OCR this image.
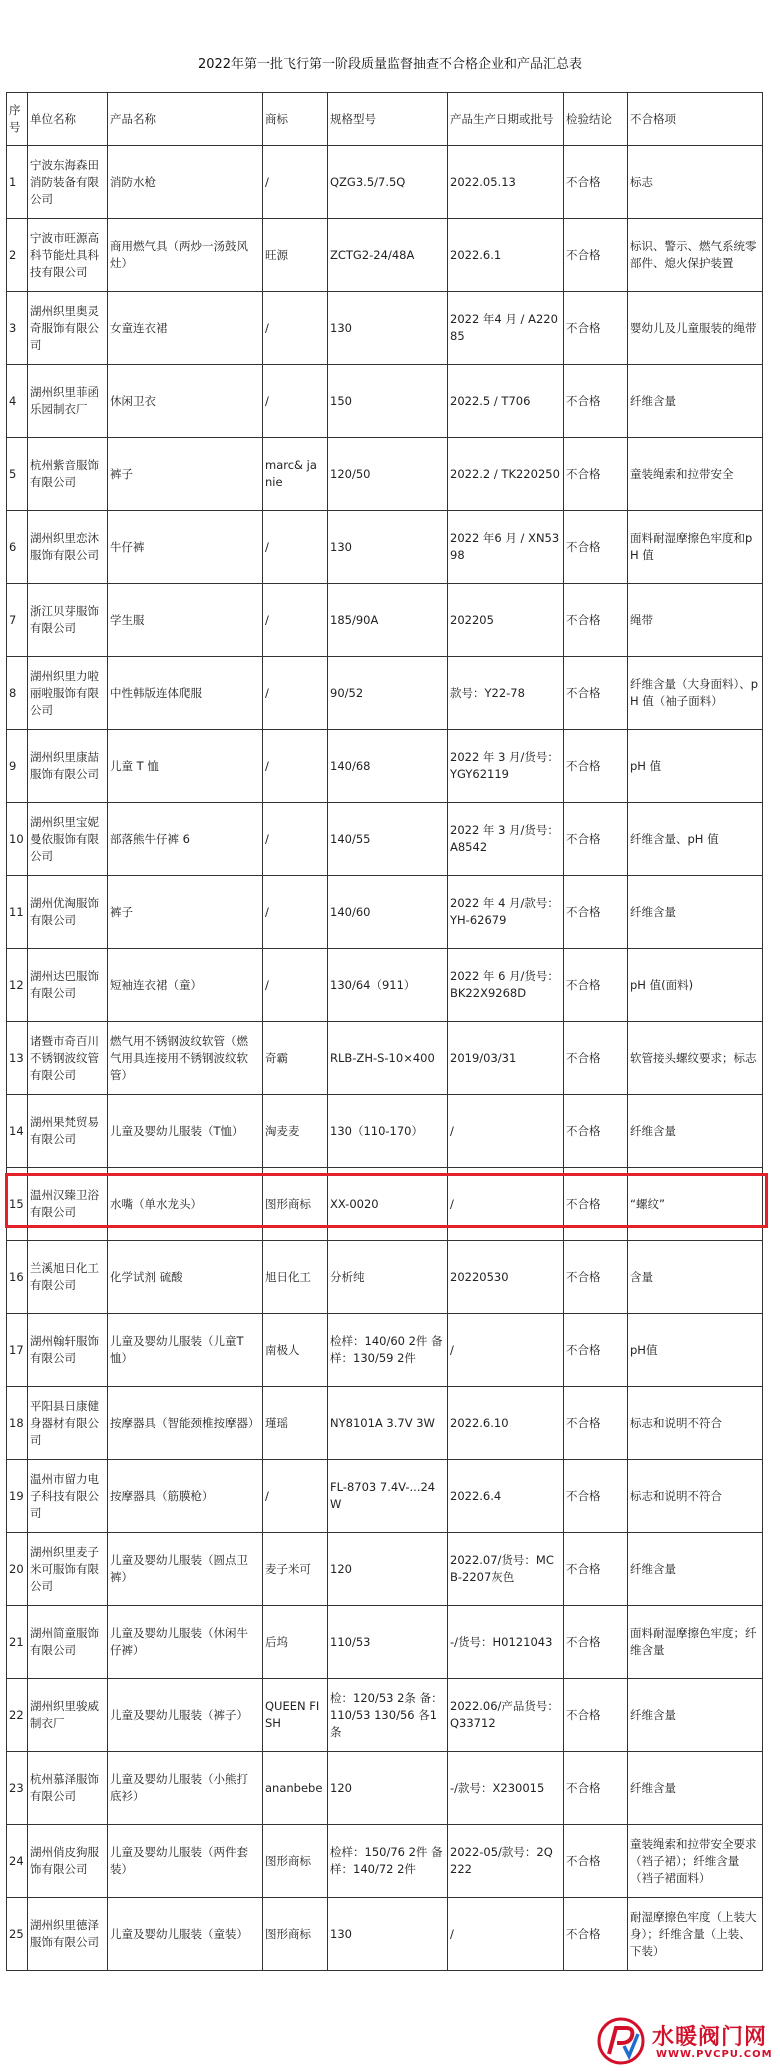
2022年第一批飞行第一阶段质量监督抽查不合格企业和产品汇总表
序号	单位名称	产品名称	商标	规格型号	产品生产日期或批号	检验结论	不合格项
1	宁波东海森田消防装备有限公司	消防水枪	/	QZG3.5/7.5Q	2022.05.13	不合格	标志
2	宁波市旺源高科节能灶具科技有限公司	商用燃气具（两炒一汤鼓风灶）	旺源	ZCTG2-24/48A	2022.6.1	不合格	标识、警示、燃气系统零部件、熄火保护装置
3	湖州织里奥灵奇服饰有限公司	女童连衣裙	/	130	2022 年4 月 / A22085	不合格	婴幼儿及儿童服装的绳带
4	湖州织里菲函乐园制衣厂	休闲卫衣	/	150	2022.5 / T706	不合格	纤维含量
5	杭州紫音服饰有限公司	裤子	marc& janie	120/50	2022.2 / TK220250	不合格	童装绳索和拉带安全
6	湖州织里恋沐服饰有限公司	牛仔裤	/	130	2022 年6 月 / XN5398	不合格	面料耐湿摩擦色牢度和pH 值
7	浙江贝芽服饰有限公司	学生服	/	185/90A	202205	不合格	绳带
8	湖州织里力啦丽啦服饰有限公司	中性韩版连体爬服	/	90/52	款号：Y22-78	不合格	纤维含量（大身面料）、pH 值（袖子面料）
9	湖州织里康喆服饰有限公司	儿童 T 恤	/	140/68	2022 年 3 月/货号：YGY62119	不合格	pH 值
10	湖州织里宝妮曼依服饰有限公司	部落熊牛仔裤 6	/	140/55	2022 年 3 月/货号：A8542	不合格	纤维含量、pH 值
11	湖州优淘服饰有限公司	裤子	/	140/60	2022 年 4 月/款号：YH-62679	不合格	纤维含量
12	湖州达巴服饰有限公司	短袖连衣裙（童）	/	130/64（911）	2022 年 6 月/货号：BK22X9268D	不合格	pH 值(面料)
13	诸暨市奇百川不锈钢波纹管有限公司	燃气用不锈钢波纹软管（燃气用具连接用不锈钢波纹软管）	奇霸	RLB-ZH-S-10×400	2019/03/31	不合格	软管接头螺纹要求；标志
14	湖州果梵贸易有限公司	儿童及婴幼儿服装（T恤）	淘麦麦	130（110-170）	/	不合格	纤维含量
15	温州汉臻卫浴有限公司	水嘴（单水龙头）	图形商标	XX-0020	/	不合格	“螺纹”
16	兰溪旭日化工有限公司	化学试剂 硫酸	旭日化工	分析纯	20220530	不合格	含量
17	湖州翰轩服饰有限公司	儿童及婴幼儿服装（儿童T恤）	南极人	检样：140/60 2件 备样：130/59 2件	/	不合格	pH值
18	平阳县日康健身器材有限公司	按摩器具（智能颈椎按摩器）	瑾瑶	NY8101A 3.7V 3W	2022.6.10	不合格	标志和说明不符合
19	温州市留力电子科技有限公司	按摩器具（筋膜枪）	/	FL-8703 7.4V-...24W	2022.6.4	不合格	标志和说明不符合
20	湖州织里麦子米可服饰有限公司	儿童及婴幼儿服装（圆点卫裤）	麦子米可	120	2022.07/货号：MCB-2207灰色	不合格	纤维含量
21	湖州简童服饰有限公司	儿童及婴幼儿服装（休闲牛仔裤）	后坞	110/53	-/货号：H0121043	不合格	面料耐湿摩擦色牢度；纤维含量
22	湖州织里骏威制衣厂	儿童及婴幼儿服装（裤子）	QUEEN FISH	检：120/53 2条 备：110/53 130/56 各1条	2022.06/产品货号：Q33712	不合格	纤维含量
23	杭州慕泽服饰有限公司	儿童及婴幼儿服装（小熊打底衫）	ananbebe	120	-/款号：X230015	不合格	纤维含量
24	湖州俏皮狗服饰有限公司	儿童及婴幼儿服装（两件套装）	图形商标	检样：150/76 2件 备样：140/72 2件	2022-05/款号：2Q222	不合格	童装绳索和拉带安全要求（裆子裙）；纤维含量（裆子裙面料）
25	湖州织里德泽服饰有限公司	儿童及婴幼儿服装（童装）	图形商标	130	/	不合格	耐湿摩擦色牢度（上装大身）；纤维含量（上装、下装）
水暖阀门网
WWW.PVCPU.COM
